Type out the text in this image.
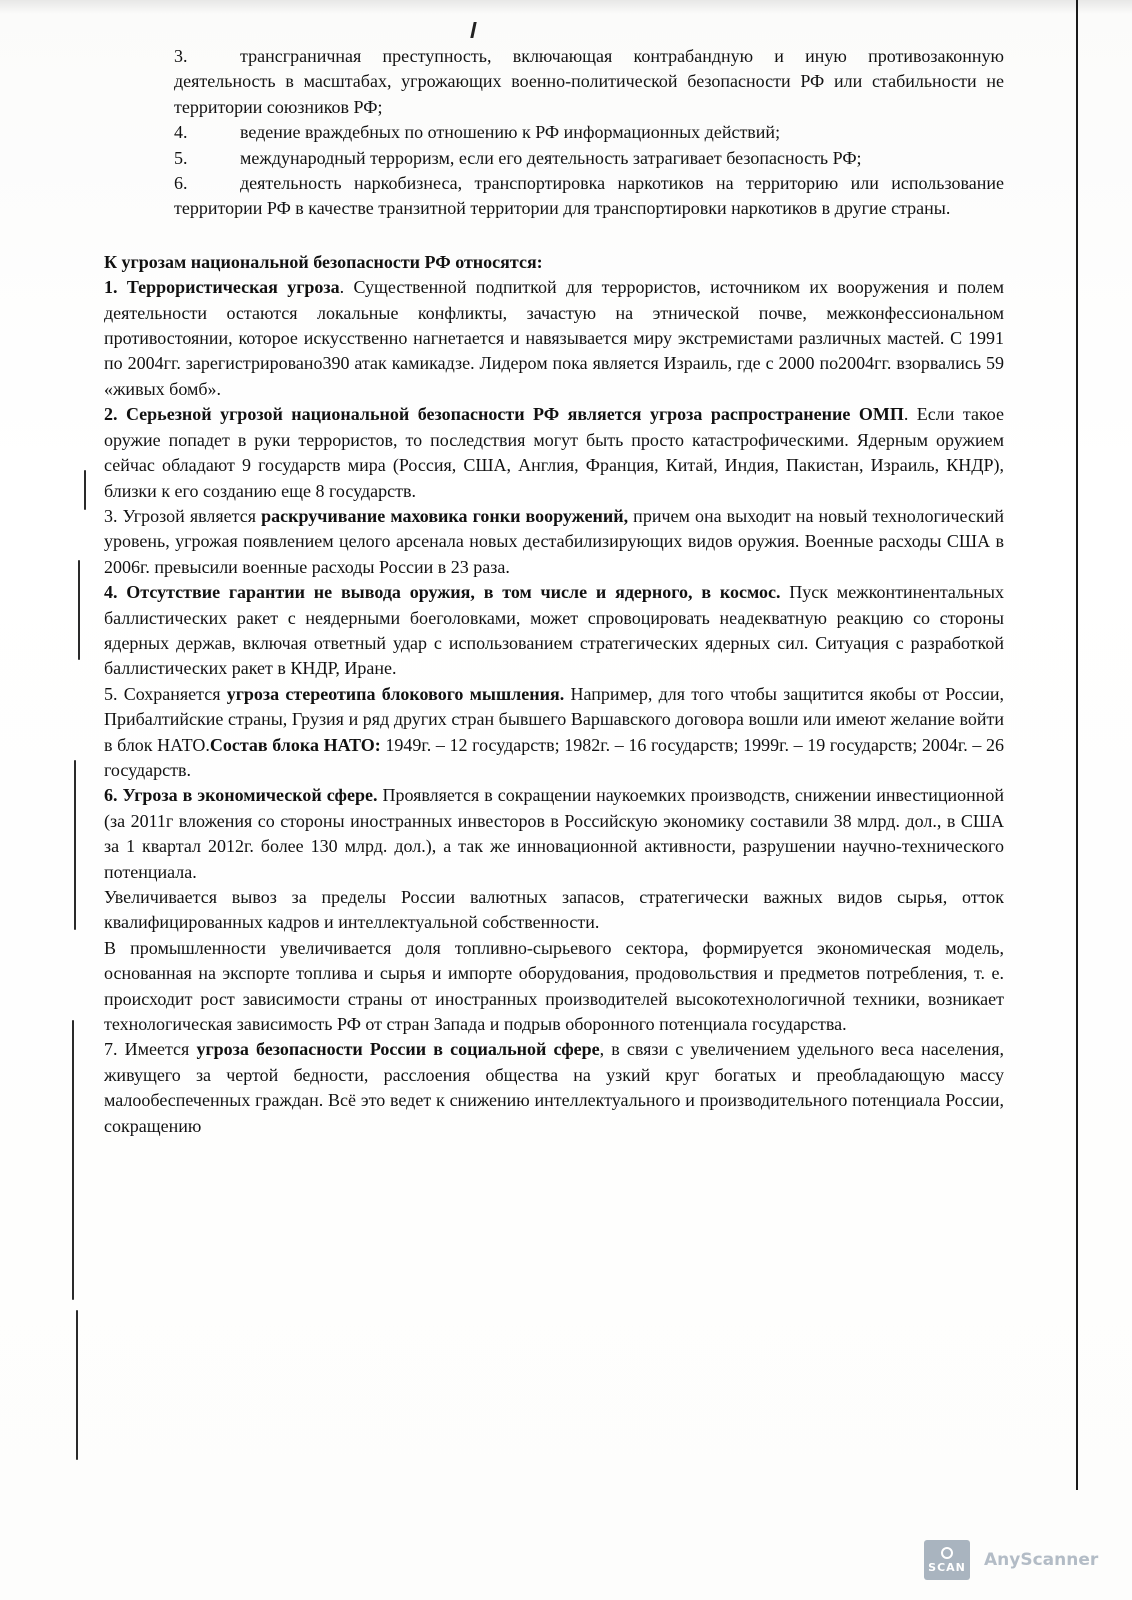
3.	трансграничная преступность, включающая контрабандную и иную противозаконную деятельность в масштабах, угрожающих военно-политической безопасности РФ или стабильности не территории союзников РФ;

4.	ведение враждебных по отношению к РФ информационных действий;

5.	международный терроризм, если его деятельность затрагивает безопасность РФ;

6.	деятельность наркобизнеса, транспортировка наркотиков на территорию или использование территории РФ в качестве транзитной территории для транспортировки наркотиков в другие страны.

К угрозам национальной безопасности РФ относятся:

1. Террористическая угроза. Существенной подпиткой для террористов, источником их вооружения и полем деятельности остаются локальные конфликты, зачастую на этнической почве, межконфессиональном противостоянии, которое искусственно нагнетается и навязывается миру экстремистами различных мастей. С 1991 по 2004гг. зарегистрировано390 атак камикадзе. Лидером пока является Израиль, где с 2000 по2004гг. взорвались 59 «живых бомб».

2. Серьезной угрозой национальной безопасности РФ является угроза распространение ОМП. Если такое оружие попадет в руки террористов, то последствия могут быть просто катастрофическими. Ядерным оружием сейчас обладают 9 государств мира (Россия, США, Англия, Франция, Китай, Индия, Пакистан, Израиль, КНДР), близки к его созданию еще 8 государств.

3. Угрозой является раскручивание маховика гонки вооружений, причем она выходит на новый технологический уровень, угрожая появлением целого арсенала новых дестабилизирующих видов оружия. Военные расходы США в 2006г. превысили военные расходы России в 23 раза.

4. Отсутствие гарантии не вывода оружия, в том числе и ядерного, в космос. Пуск межконтинентальных баллистических ракет с неядерными боеголовками, может спровоцировать неадекватную реакцию со стороны ядерных держав, включая ответный удар с использованием стратегических ядерных сил. Ситуация с разработкой баллистических ракет в КНДР, Иране.

5. Сохраняется угроза стереотипа блокового мышления. Например, для того чтобы защитится якобы от России, Прибалтийские страны, Грузия и ряд других стран бывшего Варшавского договора вошли или имеют желание войти в блок НАТО.Состав блока НАТО: 1949г. – 12 государств; 1982г. – 16 государств; 1999г. – 19 государств; 2004г. – 26 государств.

6. Угроза в экономической сфере. Проявляется в сокращении наукоемких производств, снижении инвестиционной (за 2011г вложения со стороны иностранных инвесторов в Российскую экономику составили 38 млрд. дол., в США за 1 квартал 2012г. более 130 млрд. дол.), а так же инновационной активности, разрушении научно-технического потенциала.

Увеличивается вывоз за пределы России валютных запасов, стратегически важных видов сырья, отток квалифицированных кадров и интеллектуальной собственности.

В промышленности увеличивается доля топливно-сырьевого сектора, формируется экономическая модель, основанная на экспорте топлива и сырья и импорте оборудования, продовольствия и предметов потребления, т. е. происходит рост зависимости страны от иностранных производителей высокотехнологичной техники, возникает технологическая зависимость РФ от стран Запада и подрыв оборонного потенциала государства.

7. Имеется угроза безопасности России в социальной сфере, в связи с увеличением удельного веса населения, живущего за чертой бедности, расслоения общества на узкий круг богатых и преобладающую массу малообеспеченных граждан. Всё это ведет к снижению интеллектуального и производительного потенциала России, сокращению

SCAN AnyScanner
